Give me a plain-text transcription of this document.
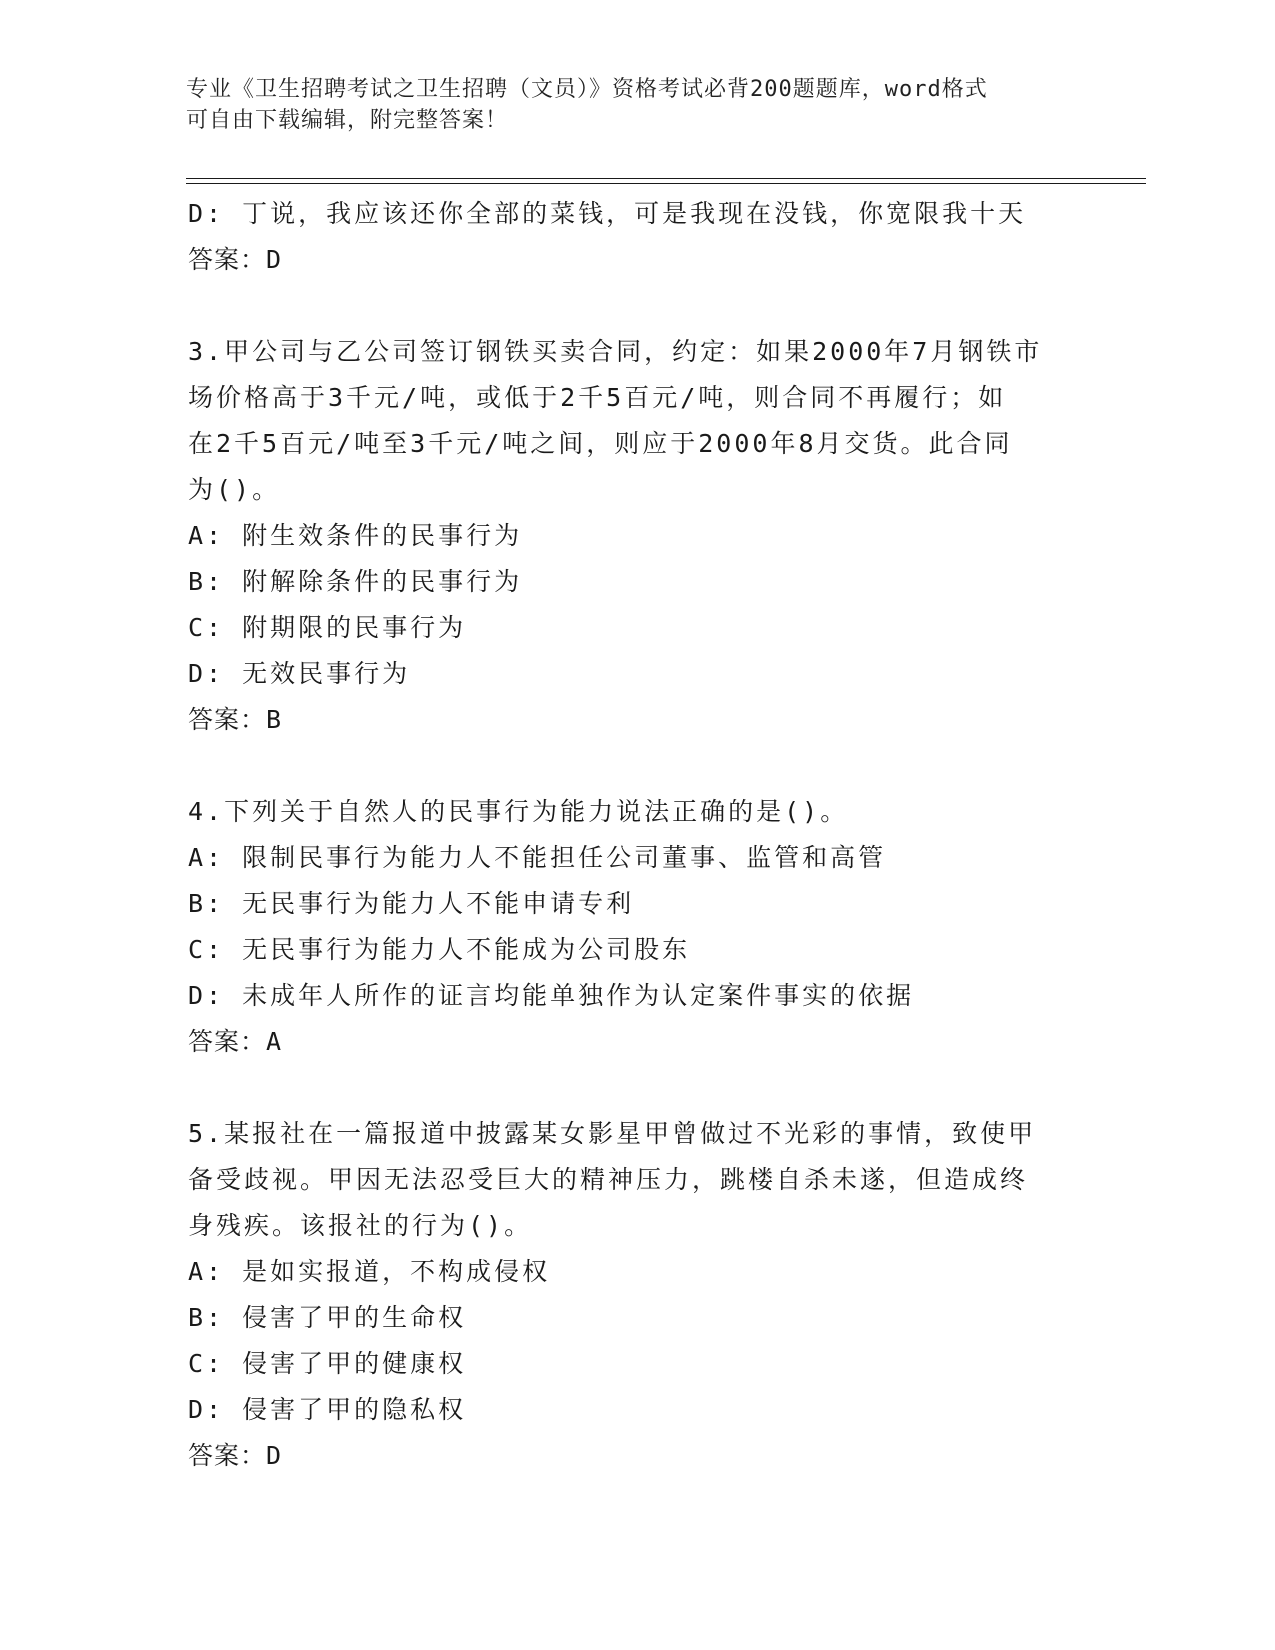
专业《卫生招聘考试之卫生招聘（文员）》资格考试必背200题题库，word格式
可自由下载编辑，附完整答案！
D: 丁说，我应该还你全部的菜钱，可是我现在没钱，你宽限我十天
答案：D
3.甲公司与乙公司签订钢铁买卖合同，约定：如果2000年7月钢铁市
场价格高于3千元/吨，或低于2千5百元/吨，则合同不再履行；如
在2千5百元/吨至3千元/吨之间，则应于2000年8月交货。此合同
为()。
A: 附生效条件的民事行为
B: 附解除条件的民事行为
C: 附期限的民事行为
D: 无效民事行为
答案：B
4.下列关于自然人的民事行为能力说法正确的是()。
A: 限制民事行为能力人不能担任公司董事、监管和高管
B: 无民事行为能力人不能申请专利
C: 无民事行为能力人不能成为公司股东
D: 未成年人所作的证言均能单独作为认定案件事实的依据
答案：A
5.某报社在一篇报道中披露某女影星甲曾做过不光彩的事情，致使甲
备受歧视。甲因无法忍受巨大的精神压力，跳楼自杀未遂，但造成终
身残疾。该报社的行为()。
A: 是如实报道，不构成侵权
B: 侵害了甲的生命权
C: 侵害了甲的健康权
D: 侵害了甲的隐私权
答案：D
